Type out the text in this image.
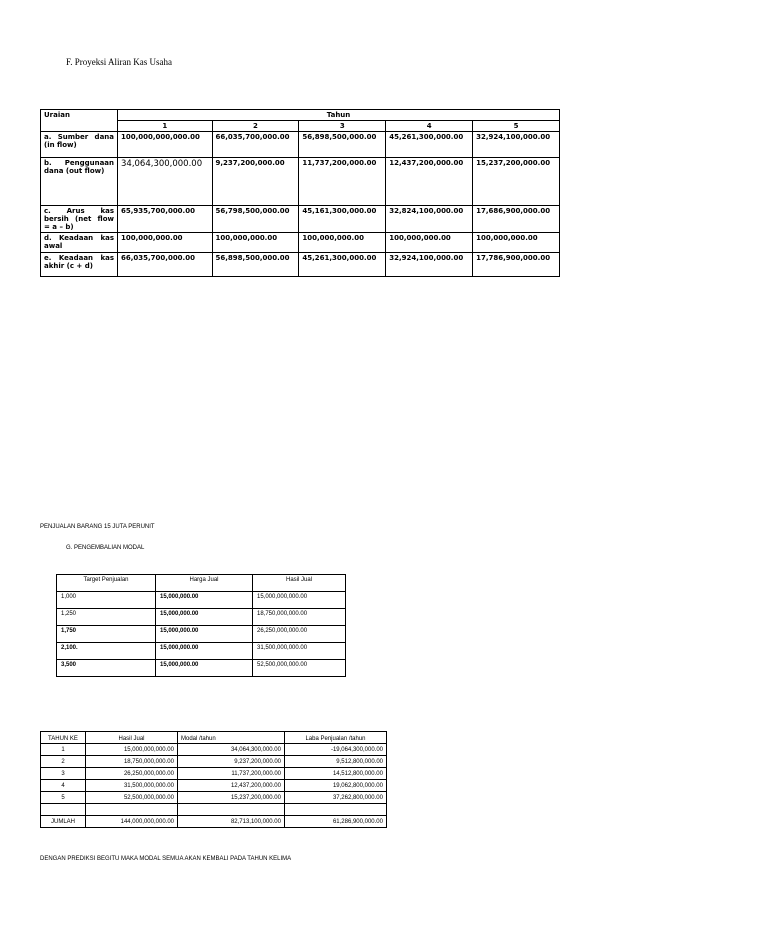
F. Proyeksi Aliran Kas Usaha
Uraian	Tahun				
	1	2	3	4	5
a. Sumber dana (in flow)	100,000,000,000.00	66,035,700,000.00	56,898,500,000.00	45,261,300,000.00	32,924,100,000.00
b. Penggunaan dana (out flow)	34,064,300,000.00	9,237,200,000.00	11,737,200,000.00	12,437,200,000.00	15,237,200,000.00
c. Arus kas bersih (net flow = a – b)	65,935,700,000.00	56,798,500,000.00	45,161,300,000.00	32,824,100,000.00	17,686,900,000.00
d. Keadaan kas awal	100,000,000.00	100,000,000.00	100,000,000.00	100,000,000.00	100,000,000.00
e. Keadaan kas akhir (c + d)	66,035,700,000.00	56,898,500,000.00	45,261,300,000.00	32,924,100,000.00	17,786,900,000.00
PENJUALAN BARANG 15 JUTA PERUNIT
G. PENGEMBALIAN MODAL
Target Penjualan	Harga Jual	Hasil Jual
1,000	15,000,000.00	15,000,000,000.00
1,250	15,000,000.00	18,750,000,000.00
1,750	15,000,000.00	26,250,000,000.00
2,100.	15,000,000.00	31,500,000,000.00
3,500	15,000,000.00	52,500,000,000.00
TAHUN KE	Hasil Jual	Modal /tahun	Laba Penjualan /tahun
1	15,000,000,000.00	34,064,300,000.00	-19,064,300,000.00
2	18,750,000,000.00	9,237,200,000.00	9,512,800,000.00
3	26,250,000,000.00	11,737,200,000.00	14,512,800,000.00
4	31,500,000,000.00	12,437,200,000.00	19,062,800,000.00
5	52,500,000,000.00	15,237,200,000.00	37,262,800,000.00

JUMLAH	144,000,000,000.00	82,713,100,000.00	61,286,900,000.00
DENGAN PREDIKSI BEGITU MAKA MODAL SEMUA AKAN KEMBALI PADA TAHUN KELIMA
